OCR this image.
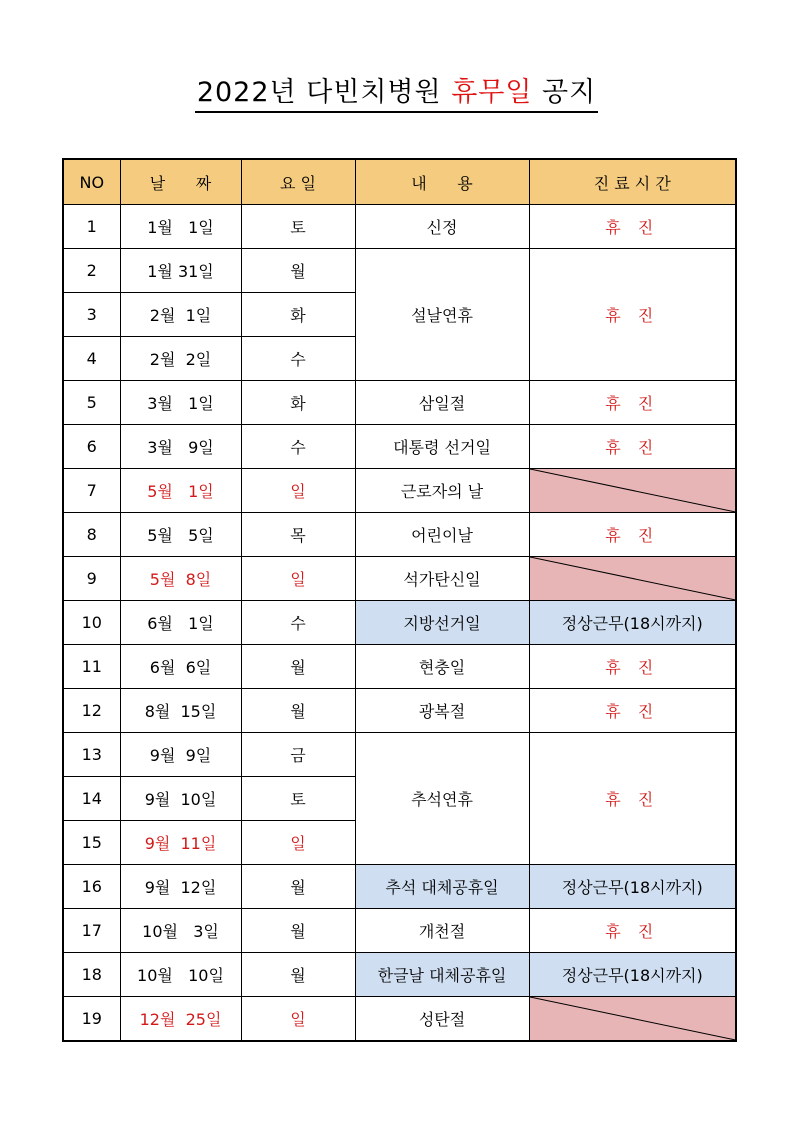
2022년 다빈치병원 휴무일 공지
NO	날      짜	요 일	내      용	진 료 시 간
1	1월   1일	토	신정	휴 진
2	1월 31일	월	설날연휴	휴 진
3	2월  1일	화		
4	2월  2일	수		
5	3월   1일	화	삼일절	휴 진
6	3월   9일	수	대통령 선거일	휴 진
7	5월   1일	일	근로자의 날	

8	5월   5일	목	어린이날	휴 진
9	5월  8일	일	석가탄신일	

10	6월   1일	수	지방선거일	정상근무(18시까지)
11	6월  6일	월	현충일	휴 진
12	8월  15일	월	광복절	휴 진
13	9월  9일	금	추석연휴	휴 진
14	9월  10일	토		
15	9월  11일	일		
16	9월  12일	월	추석 대체공휴일	정상근무(18시까지)
17	10월   3일	월	개천절	휴 진
18	10월   10일	월	한글날 대체공휴일	정상근무(18시까지)
19	12월  25일	일	성탄절	
